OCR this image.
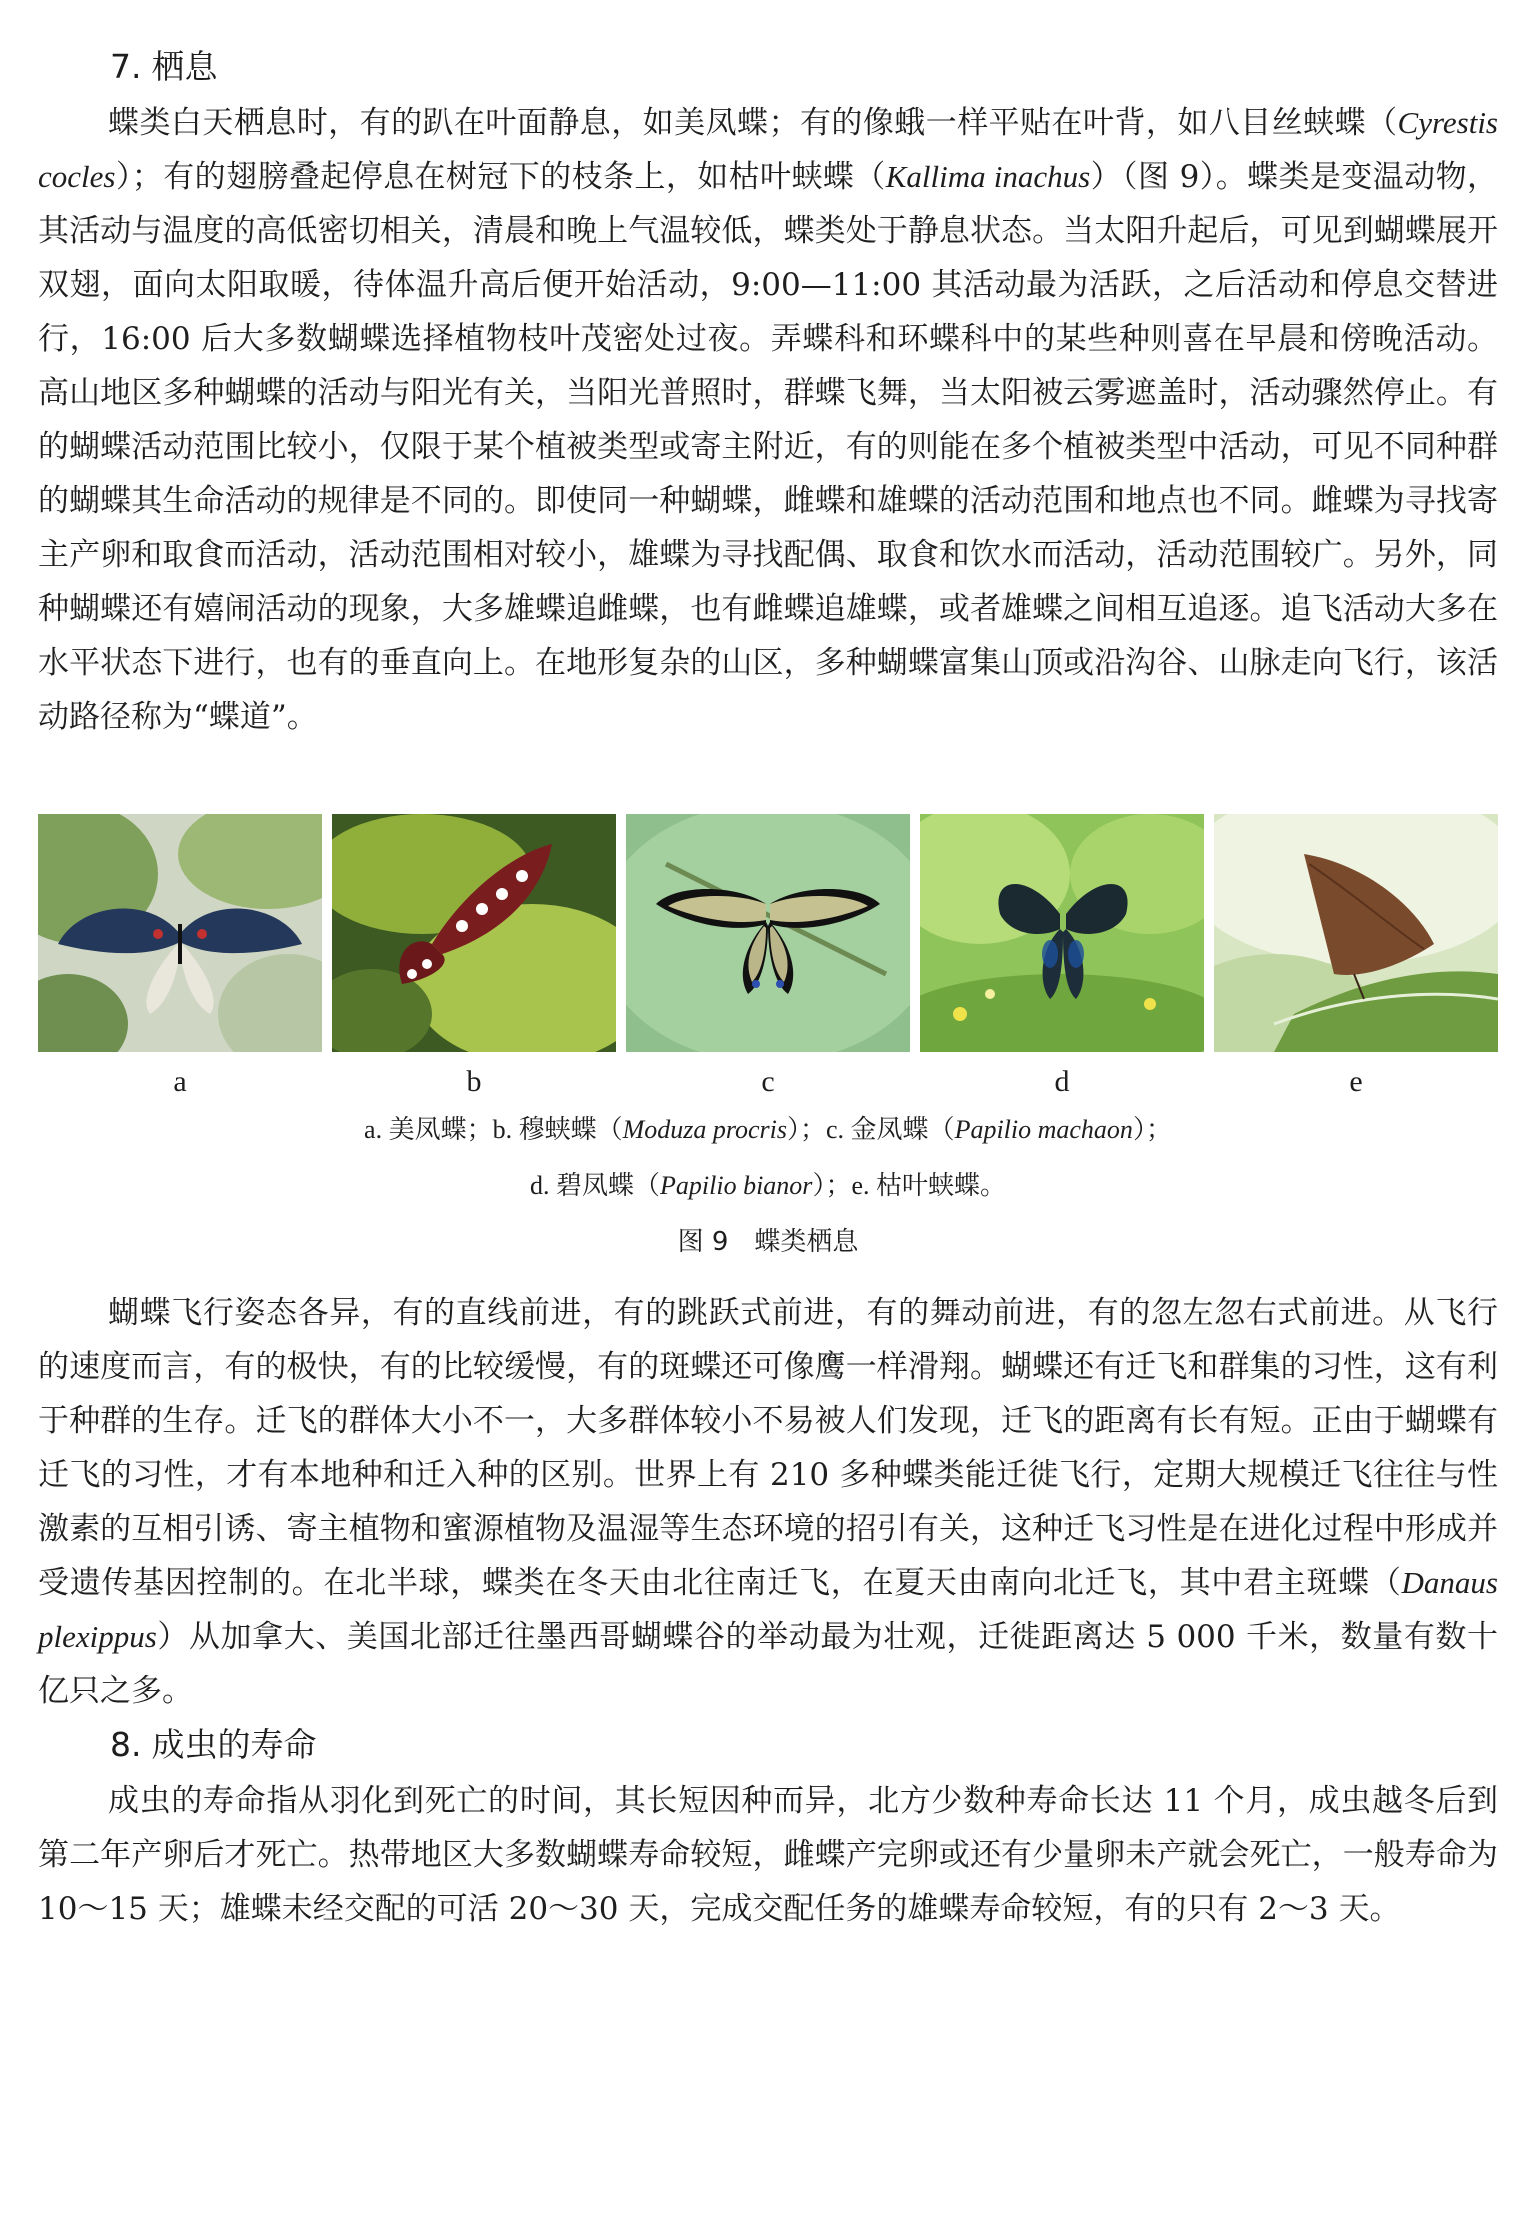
7. 栖息

蝶类白天栖息时，有的趴在叶面静息，如美凤蝶；有的像蛾一样平贴在叶背，如八目丝蛱蝶（Cyrestis cocles）；有的翅膀叠起停息在树冠下的枝条上，如枯叶蛱蝶（Kallima inachus）（图 9）。蝶类是变温动物，其活动与温度的高低密切相关，清晨和晚上气温较低，蝶类处于静息状态。当太阳升起后，可见到蝴蝶展开双翅，面向太阳取暖，待体温升高后便开始活动，9:00—11:00 其活动最为活跃，之后活动和停息交替进行，16:00 后大多数蝴蝶选择植物枝叶茂密处过夜。弄蝶科和环蝶科中的某些种则喜在早晨和傍晚活动。高山地区多种蝴蝶的活动与阳光有关，当阳光普照时，群蝶飞舞，当太阳被云雾遮盖时，活动骤然停止。有的蝴蝶活动范围比较小，仅限于某个植被类型或寄主附近，有的则能在多个植被类型中活动，可见不同种群的蝴蝶其生命活动的规律是不同的。即使同一种蝴蝶，雌蝶和雄蝶的活动范围和地点也不同。雌蝶为寻找寄主产卵和取食而活动，活动范围相对较小，雄蝶为寻找配偶、取食和饮水而活动，活动范围较广。另外，同种蝴蝶还有嬉闹活动的现象，大多雄蝶追雌蝶，也有雌蝶追雄蝶，或者雄蝶之间相互追逐。追飞活动大多在水平状态下进行，也有的垂直向上。在地形复杂的山区，多种蝴蝶富集山顶或沿沟谷、山脉走向飞行，该活动路径称为“蝶道”。

a	b	c	d	e

a. 美凤蝶；b. 穆蛱蝶（Moduza procris）；c. 金凤蝶（Papilio machaon）；

d. 碧凤蝶（Papilio bianor）；e. 枯叶蛱蝶。

图 9 蝶类栖息

蝴蝶飞行姿态各异，有的直线前进，有的跳跃式前进，有的舞动前进，有的忽左忽右式前进。从飞行的速度而言，有的极快，有的比较缓慢，有的斑蝶还可像鹰一样滑翔。蝴蝶还有迁飞和群集的习性，这有利于种群的生存。迁飞的群体大小不一，大多群体较小不易被人们发现，迁飞的距离有长有短。正由于蝴蝶有迁飞的习性，才有本地种和迁入种的区别。世界上有 210 多种蝶类能迁徙飞行，定期大规模迁飞往往与性激素的互相引诱、寄主植物和蜜源植物及温湿等生态环境的招引有关，这种迁飞习性是在进化过程中形成并受遗传基因控制的。在北半球，蝶类在冬天由北往南迁飞，在夏天由南向北迁飞，其中君主斑蝶（Danaus plexippus）从加拿大、美国北部迁往墨西哥蝴蝶谷的举动最为壮观，迁徙距离达 5 000 千米，数量有数十亿只之多。

8. 成虫的寿命

成虫的寿命指从羽化到死亡的时间，其长短因种而异，北方少数种寿命长达 11 个月，成虫越冬后到第二年产卵后才死亡。热带地区大多数蝴蝶寿命较短，雌蝶产完卵或还有少量卵未产就会死亡，一般寿命为 10～15 天；雄蝶未经交配的可活 20～30 天，完成交配任务的雄蝶寿命较短，有的只有 2～3 天。
